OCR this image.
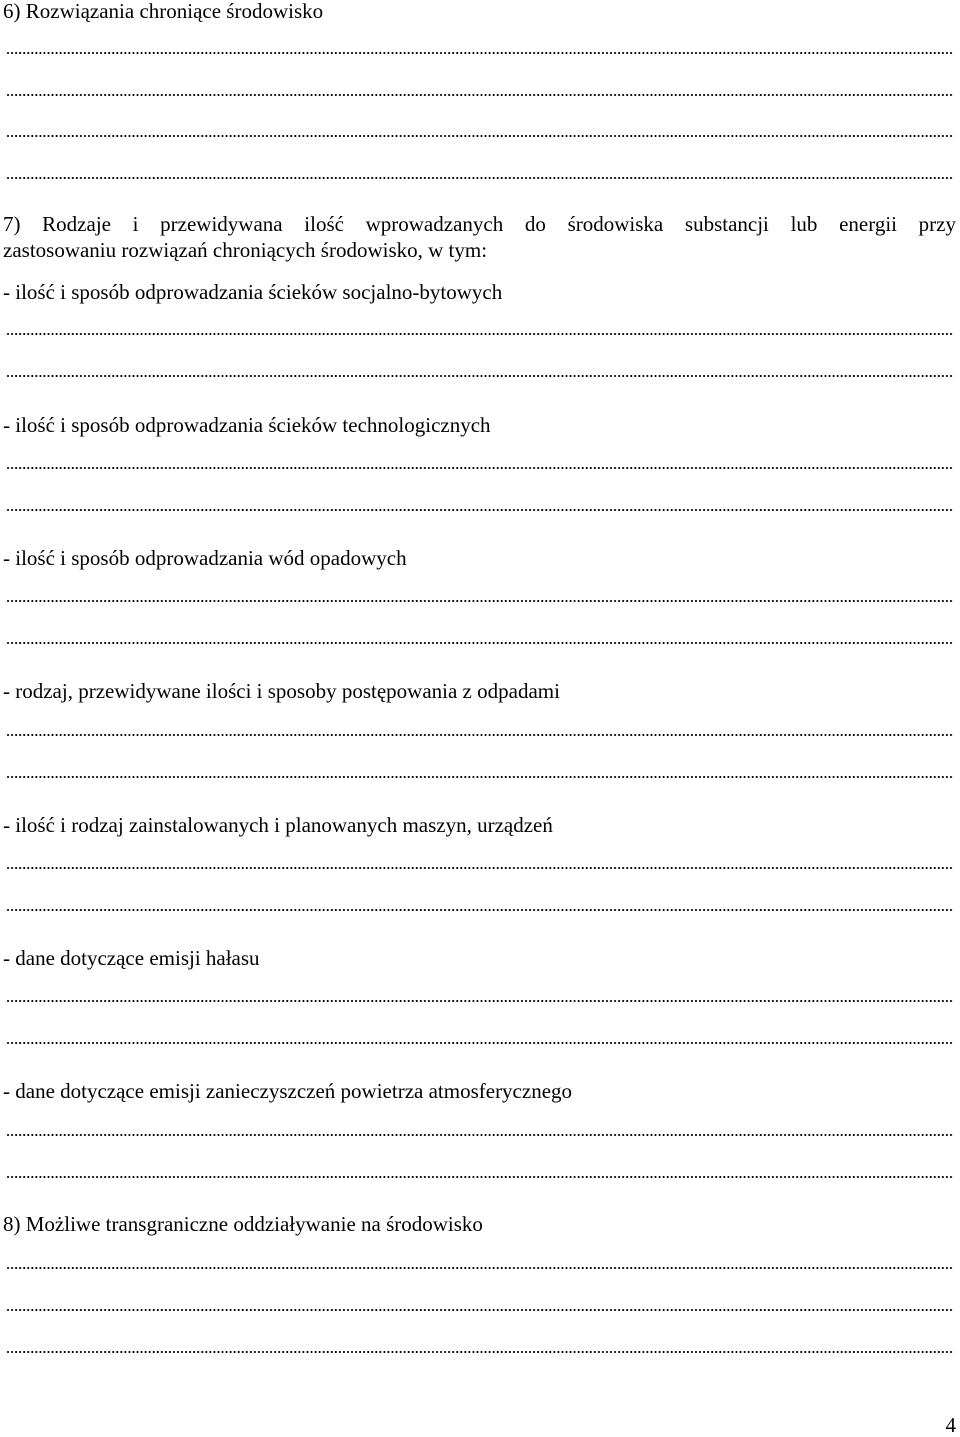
6) Rozwiązania chroniące środowisko
7) Rodzaje i przewidywana ilość wprowadzanych do środowiska substancji lub energii przy
zastosowaniu rozwiązań chroniących środowisko, w tym:
- ilość i sposób odprowadzania ścieków socjalno-bytowych
- ilość i sposób odprowadzania ścieków technologicznych
- ilość i sposób odprowadzania wód opadowych
- rodzaj, przewidywane ilości i sposoby postępowania z odpadami
- ilość i rodzaj zainstalowanych i planowanych maszyn, urządzeń
- dane dotyczące emisji hałasu
- dane dotyczące emisji zanieczyszczeń powietrza atmosferycznego
8) Możliwe transgraniczne oddziaływanie na środowisko
4
